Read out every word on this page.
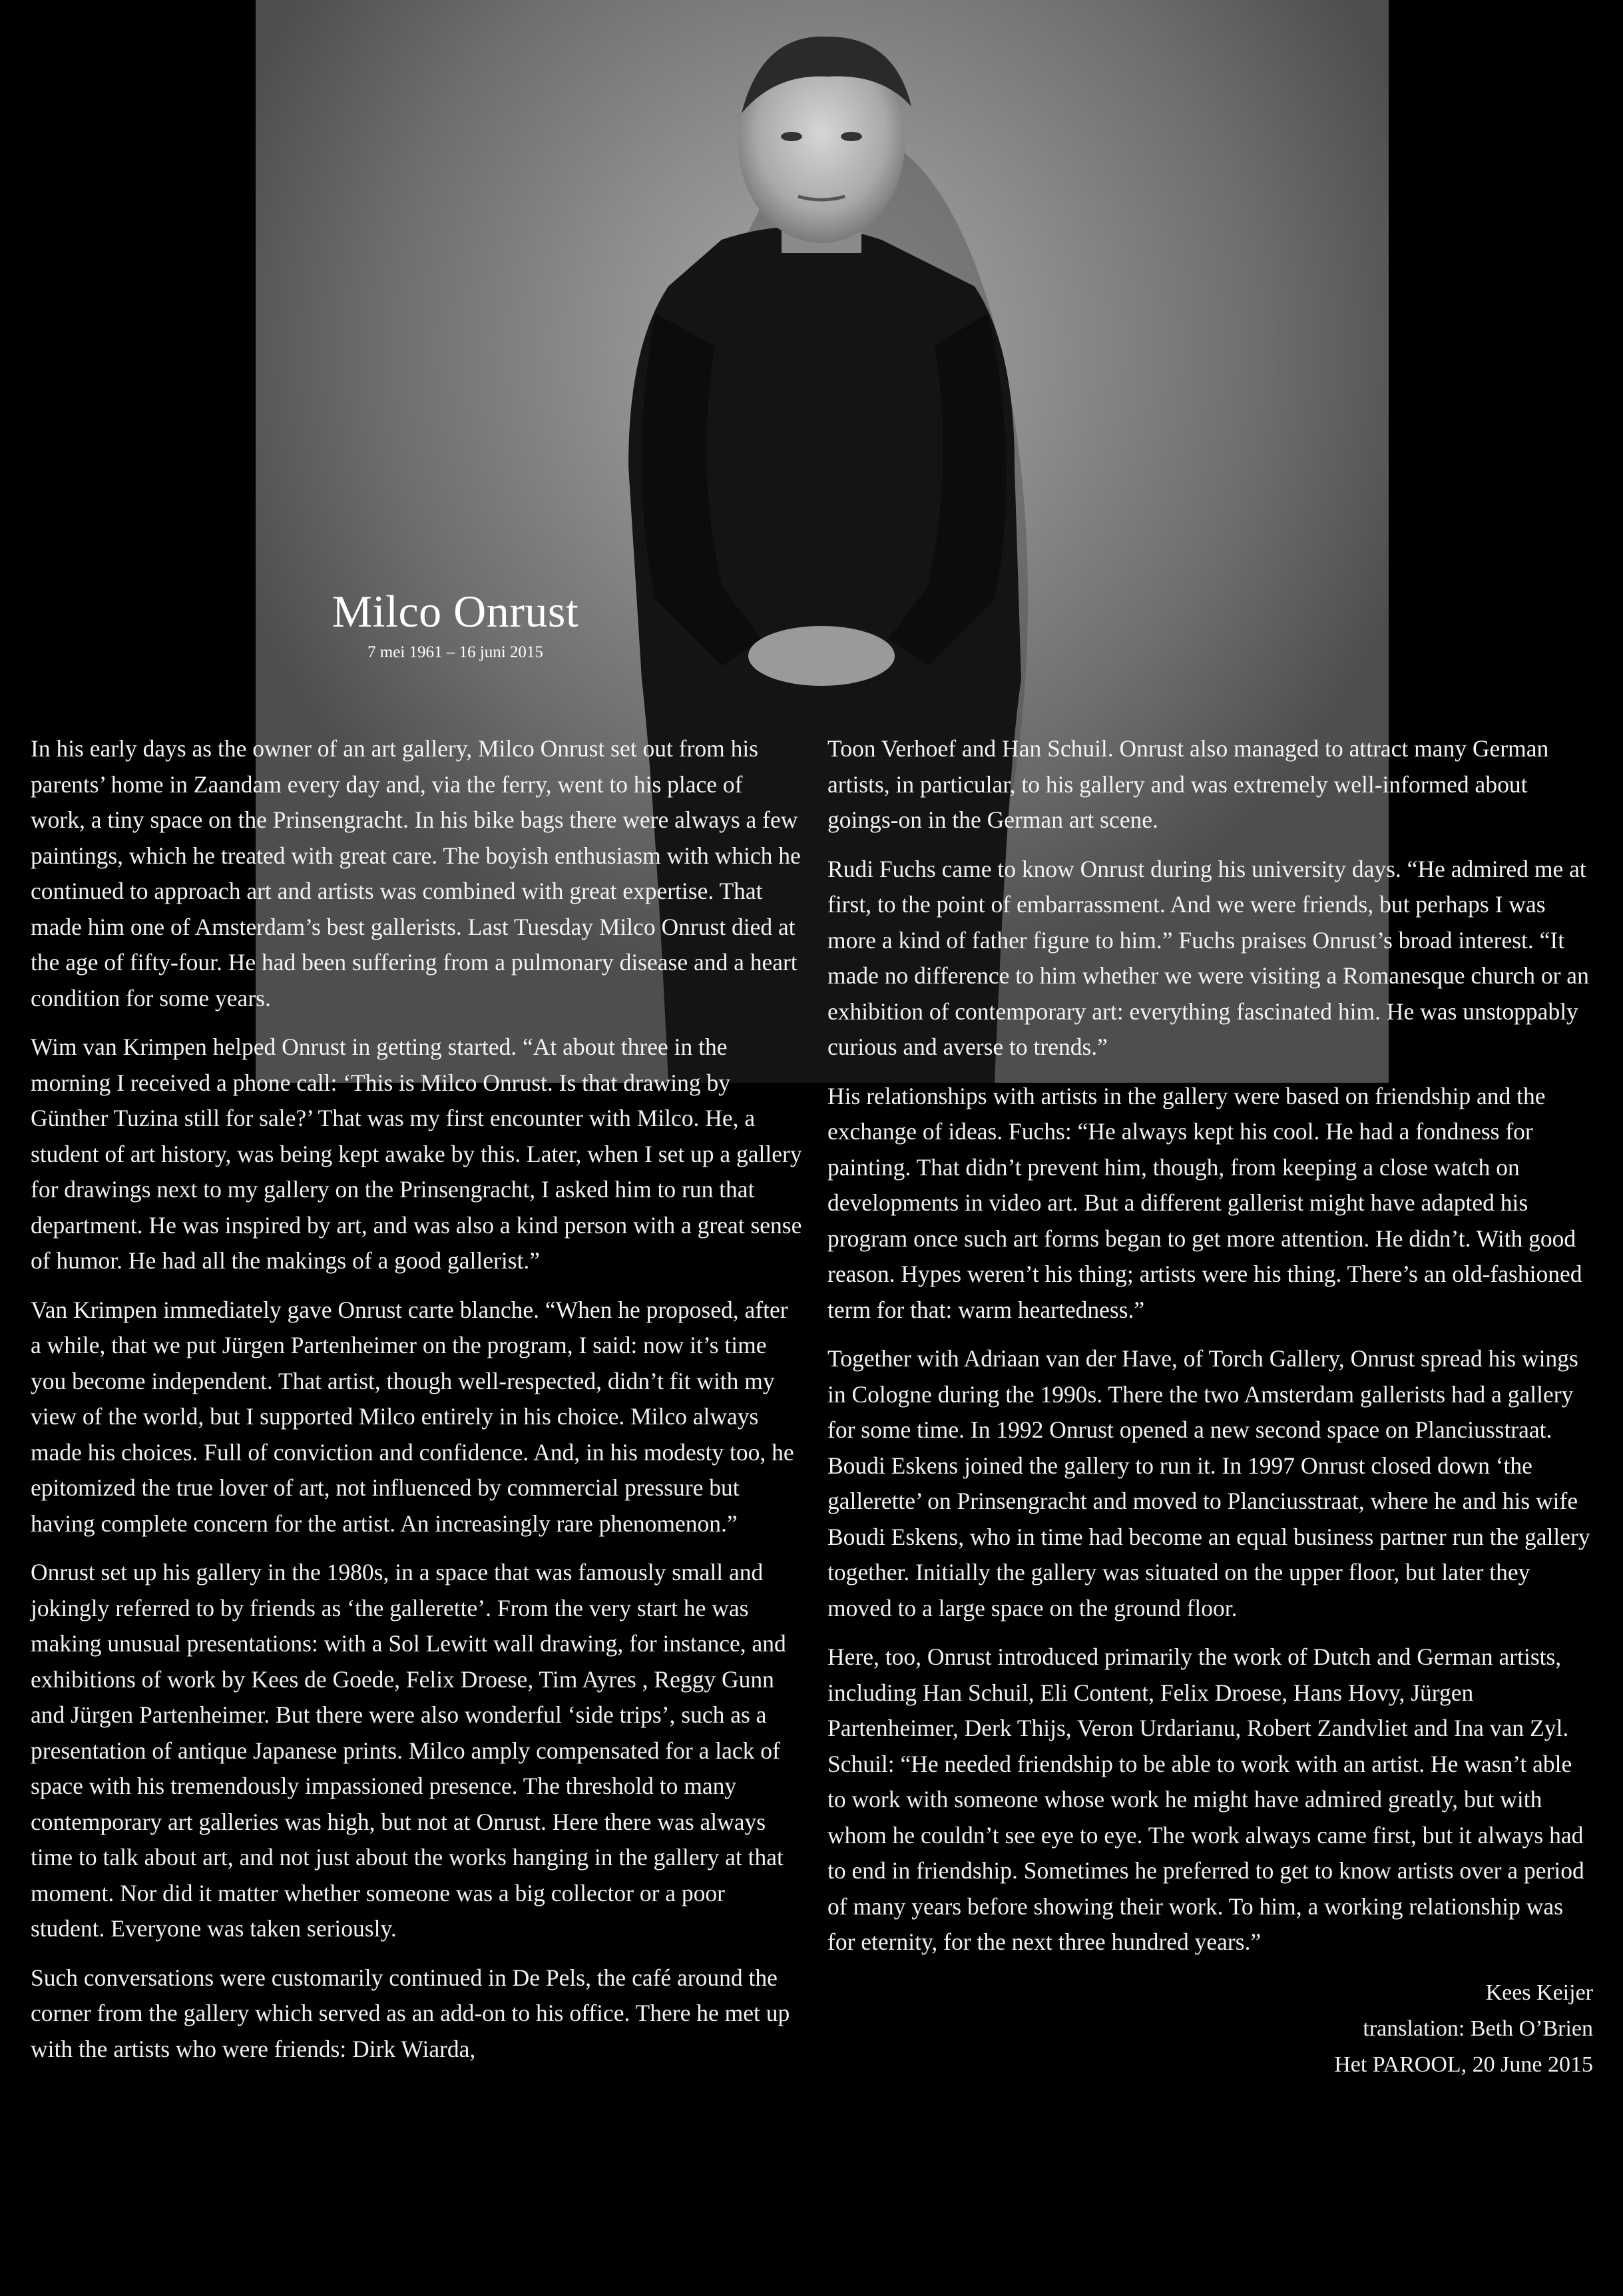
Milco Onrust
7 mei 1961 – 16 juni 2015

In his early days as the owner of an art gallery, Milco Onrust set out from his parents’ home in Zaandam every day and, via the ferry, went to his place of work, a tiny space on the Prinsengracht. In his bike bags there were always a few paintings, which he treated with great care. The boyish enthusiasm with which he continued to approach art and artists was combined with great expertise. That made him one of Amsterdam’s best gallerists. Last Tuesday Milco Onrust died at the age of fifty-four. He had been suffering from a pulmonary disease and a heart condition for some years.

Wim van Krimpen helped Onrust in getting started. “At about three in the morning I received a phone call: ‘This is Milco Onrust. Is that drawing by Günther Tuzina still for sale?’ That was my first encounter with Milco. He, a student of art history, was being kept awake by this. Later, when I set up a gallery for drawings next to my gallery on the Prinsengracht, I asked him to run that department. He was inspired by art, and was also a kind person with a great sense of humor. He had all the makings of a good gallerist.”

Van Krimpen immediately gave Onrust carte blanche. “When he proposed, after a while, that we put Jürgen Partenheimer on the program, I said: now it’s time you become independent. That artist, though well-respected, didn’t fit with my view of the world, but I supported Milco entirely in his choice. Milco always made his choices. Full of conviction and confidence. And, in his modesty too, he epitomized the true lover of art, not influenced by commercial pressure but having complete concern for the artist. An increasingly rare phenomenon.”

Onrust set up his gallery in the 1980s, in a space that was famously small and jokingly referred to by friends as ‘the gallerette’. From the very start he was making unusual presentations: with a Sol Lewitt wall drawing, for instance, and exhibitions of work by Kees de Goede, Felix Droese, Tim Ayres , Reggy Gunn and Jürgen Partenheimer. But there were also wonderful ‘side trips’, such as a presentation of antique Japanese prints. Milco amply compensated for a lack of space with his tremendously impassioned presence. The threshold to many contemporary art galleries was high, but not at Onrust. Here there was always time to talk about art, and not just about the works hanging in the gallery at that moment. Nor did it matter whether someone was a big collector or a poor student. Everyone was taken seriously.

Such conversations were customarily continued in De Pels, the café around the corner from the gallery which served as an add-on to his office. There he met up with the artists who were friends: Dirk Wiarda,

Toon Verhoef and Han Schuil. Onrust also managed to attract many German artists, in particular, to his gallery and was extremely well-informed about goings-on in the German art scene.

Rudi Fuchs came to know Onrust during his university days. “He admired me at first, to the point of embarrassment. And we were friends, but perhaps I was more a kind of father figure to him.” Fuchs praises Onrust’s broad interest. “It made no difference to him whether we were visiting a Romanesque church or an exhibition of contemporary art: everything fascinated him. He was unstoppably curious and averse to trends.”

His relationships with artists in the gallery were based on friendship and the exchange of ideas. Fuchs: “He always kept his cool. He had a fondness for painting. That didn’t prevent him, though, from keeping a close watch on developments in video art. But a different gallerist might have adapted his program once such art forms began to get more attention. He didn’t. With good reason. Hypes weren’t his thing; artists were his thing. There’s an old-fashioned term for that: warm heartedness.”

Together with Adriaan van der Have, of Torch Gallery, Onrust spread his wings in Cologne during the 1990s. There the two Amsterdam gallerists had a gallery for some time. In 1992 Onrust opened a new second space on Planciusstraat. Boudi Eskens joined the gallery to run it. In 1997 Onrust closed down ‘the gallerette’ on Prinsengracht and moved to Planciusstraat, where he and his wife Boudi Eskens, who in time had become an equal business partner run the gallery together. Initially the gallery was situated on the upper floor, but later they moved to a large space on the ground floor.

Here, too, Onrust introduced primarily the work of Dutch and German artists, including Han Schuil, Eli Content, Felix Droese, Hans Hovy, Jürgen Partenheimer, Derk Thijs, Veron Urdarianu, Robert Zandvliet and Ina van Zyl. Schuil: “He needed friendship to be able to work with an artist. He wasn’t able to work with someone whose work he might have admired greatly, but with whom he couldn’t see eye to eye. The work always came first, but it always had to end in friendship. Sometimes he preferred to get to know artists over a period of many years before showing their work. To him, a working relationship was for eternity, for the next three hundred years.”

Kees Keijer
translation: Beth O’Brien
Het PAROOL, 20 June 2015
